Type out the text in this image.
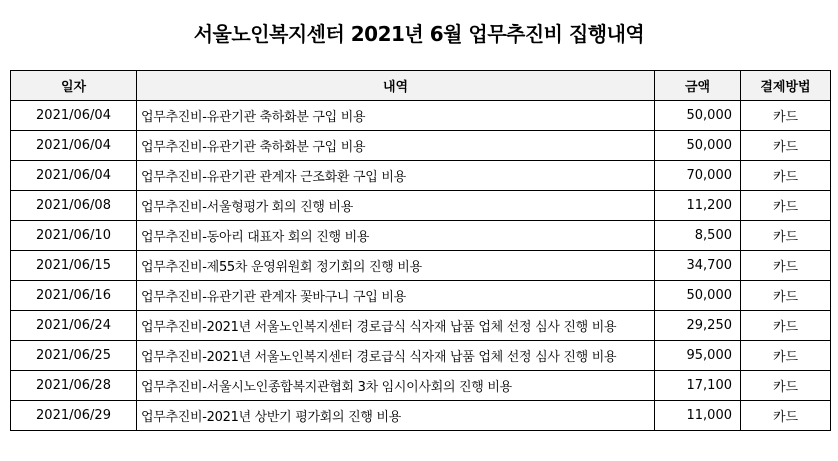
서울노인복지센터 2021년 6월 업무추진비 집행내역
일자	내역	금액	결제방법
2021/06/04	업무추진비-유관기관 축하화분 구입 비용	50,000	카드
2021/06/04	업무추진비-유관기관 축하화분 구입 비용	50,000	카드
2021/06/04	업무추진비-유관기관 관계자 근조화환 구입 비용	70,000	카드
2021/06/08	업무추진비-서울형평가 회의 진행 비용	11,200	카드
2021/06/10	업무추진비-동아리 대표자 회의 진행 비용	8,500	카드
2021/06/15	업무추진비-제55차 운영위원회 정기회의 진행 비용	34,700	카드
2021/06/16	업무추진비-유관기관 관계자 꽃바구니 구입 비용	50,000	카드
2021/06/24	업무추진비-2021년 서울노인복지센터 경로급식 식자재 납품 업체 선정 심사 진행 비용	29,250	카드
2021/06/25	업무추진비-2021년 서울노인복지센터 경로급식 식자재 납품 업체 선정 심사 진행 비용	95,000	카드
2021/06/28	업무추진비-서울시노인종합복지관협회 3차 임시이사회의 진행 비용	17,100	카드
2021/06/29	업무추진비-2021년 상반기 평가회의 진행 비용	11,000	카드
